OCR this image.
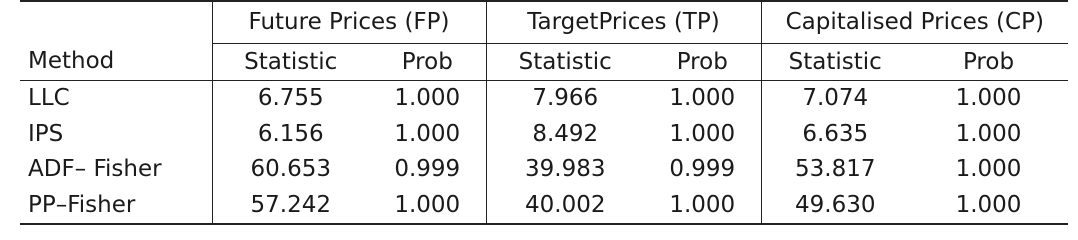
	Future Prices (FP)		TargetPrices (TP)		Capitalised Prices (CP)	
Method	Statistic	Prob	Statistic	Prob	Statistic	Prob
LLC	6.755	1.000	7.966	1.000	7.074	1.000
IPS	6.156	1.000	8.492	1.000	6.635	1.000
ADF– Fisher	60.653	0.999	39.983	0.999	53.817	1.000
PP–Fisher	57.242	1.000	40.002	1.000	49.630	1.000
